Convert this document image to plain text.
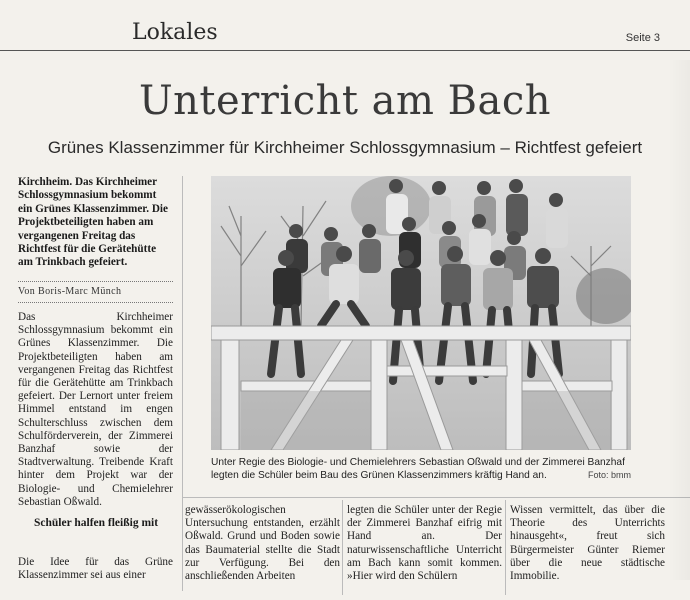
Lokales	Seite 3
Unterricht am Bach
Grünes Klassenzimmer für Kirchheimer Schlossgymnasium – Richtfest gefeiert
Kirchheim. Das Kirchheimer Schlossgymnasium bekommt ein Grünes Klassenzimmer. Die Projektbeteiligten haben am vergangenen Freitag das Richtfest für die Gerätehütte am Trinkbach gefeiert.
Von Boris-Marc Münch
Das Kirchheimer Schlossgymnasium bekommt ein Grünes Klassenzimmer. Die Projektbeteiligten haben am vergangenen Freitag das Richtfest für die Gerätehütte am Trinkbach gefeiert. Der Lernort unter freiem Himmel entstand im engen Schulterschluss zwischen dem Schulförderverein, der Zimmerei Banzhaf sowie der Stadtverwaltung. Treibende Kraft hinter dem Projekt war der Biologie- und Chemielehrer Sebastian Oßwald.
Schüler halfen fleißig mit
Die Idee für das Grüne Klassenzimmer sei aus einer
Unter Regie des Biologie- und Chemielehrers Sebastian Oßwald und der Zimmerei Banzhaf legten die Schüler beim Bau des Grünen Klassenzimmers kräftig Hand an.	Foto: bmm
gewässerökologischen Untersuchung entstanden, erzählt Oßwald. Grund und Boden sowie das Baumaterial stellte die Stadt zur Verfügung. Bei den anschließenden Arbeiten
legten die Schüler unter der Regie der Zimmerei Banzhaf eifrig mit Hand an. Der naturwissenschaftliche Unterricht am Bach kann somit kommen. »Hier wird den Schülern
Wissen vermittelt, das über die Theorie des Unterrichts hinausgeht«, freut sich Bürgermeister Günter Riemer über die neue städtische Immobilie.
